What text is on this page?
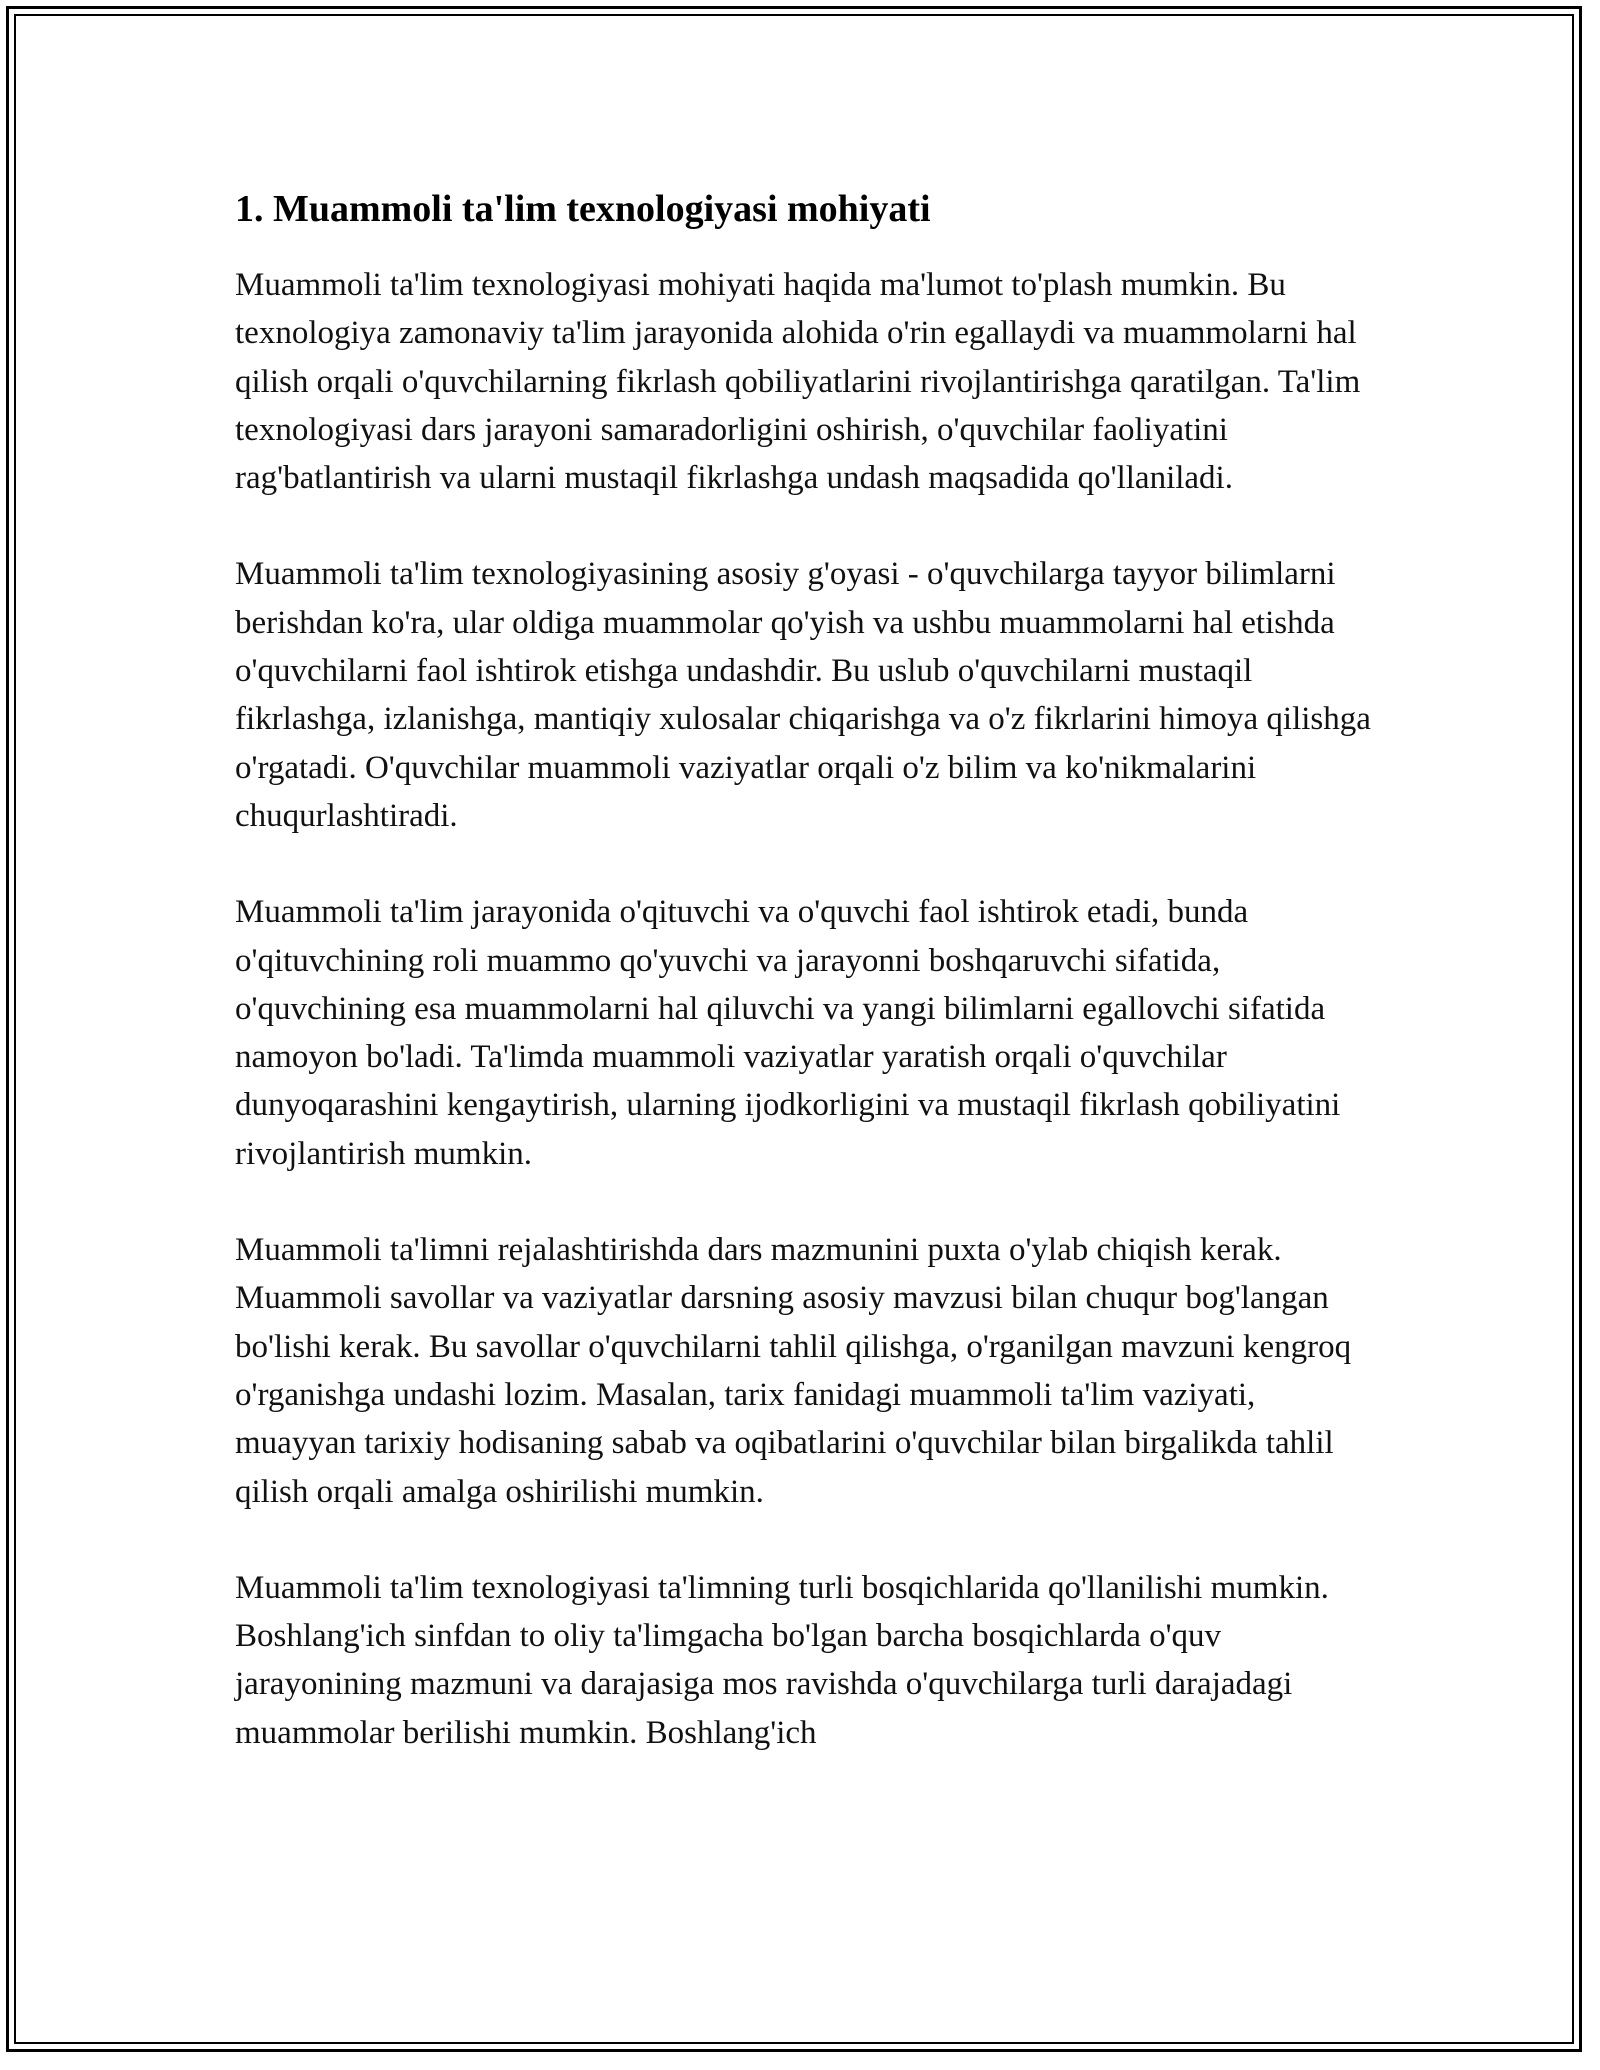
1. Muammoli ta'lim texnologiyasi mohiyati

Muammoli ta'lim texnologiyasi mohiyati haqida ma'lumot to'plash mumkin. Bu texnologiya zamonaviy ta'lim jarayonida alohida o'rin egallaydi va muammolarni hal qilish orqali o'quvchilarning fikrlash qobiliyatlarini rivojlantirishga qaratilgan. Ta'lim texnologiyasi dars jarayoni samaradorligini oshirish, o'quvchilar faoliyatini rag'batlantirish va ularni mustaqil fikrlashga undash maqsadida qo'llaniladi.

Muammoli ta'lim texnologiyasining asosiy g'oyasi - o'quvchilarga tayyor bilimlarni berishdan ko'ra, ular oldiga muammolar qo'yish va ushbu muammolarni hal etishda o'quvchilarni faol ishtirok etishga undashdir. Bu uslub o'quvchilarni mustaqil fikrlashga, izlanishga, mantiqiy xulosalar chiqarishga va o'z fikrlarini himoya qilishga o'rgatadi. O'quvchilar muammoli vaziyatlar orqali o'z bilim va ko'nikmalarini chuqurlashtiradi.

Muammoli ta'lim jarayonida o'qituvchi va o'quvchi faol ishtirok etadi, bunda o'qituvchining roli muammo qo'yuvchi va jarayonni boshqaruvchi sifatida, o'quvchining esa muammolarni hal qiluvchi va yangi bilimlarni egallovchi sifatida namoyon bo'ladi. Ta'limda muammoli vaziyatlar yaratish orqali o'quvchilar dunyoqarashini kengaytirish, ularning ijodkorligini va mustaqil fikrlash qobiliyatini rivojlantirish mumkin.

Muammoli ta'limni rejalashtirishda dars mazmunini puxta o'ylab chiqish kerak. Muammoli savollar va vaziyatlar darsning asosiy mavzusi bilan chuqur bog'langan bo'lishi kerak. Bu savollar o'quvchilarni tahlil qilishga, o'rganilgan mavzuni kengroq o'rganishga undashi lozim. Masalan, tarix fanidagi muammoli ta'lim vaziyati, muayyan tarixiy hodisaning sabab va oqibatlarini o'quvchilar bilan birgalikda tahlil qilish orqali amalga oshirilishi mumkin.

Muammoli ta'lim texnologiyasi ta'limning turli bosqichlarida qo'llanilishi mumkin. Boshlang'ich sinfdan to oliy ta'limgacha bo'lgan barcha bosqichlarda o'quv jarayonining mazmuni va darajasiga mos ravishda o'quvchilarga turli darajadagi muammolar berilishi mumkin. Boshlang'ich
